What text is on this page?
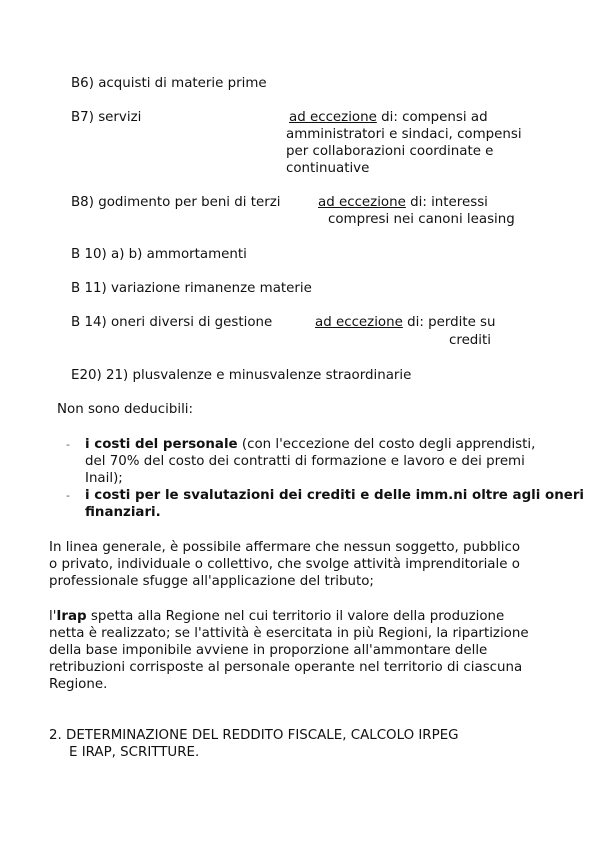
B6) acquisti di materie prime
B7) servizi	ad eccezione di: compensi ad
amministratori e sindaci, compensi
per collaborazioni coordinate e
continuative
B8) godimento per beni di terzi	ad eccezione di: interessi
compresi nei canoni leasing
B 10) a) b) ammortamenti
B 11) variazione rimanenze materie
B 14) oneri diversi di gestione	ad eccezione di: perdite su
crediti
E20) 21) plusvalenze e minusvalenze straordinarie
Non sono deducibili:
- i costi del personale (con l'eccezione del costo degli apprendisti,
del 70% del costo dei contratti di formazione e lavoro e dei premi
Inail);
- i costi per le svalutazioni dei crediti e delle imm.ni oltre agli oneri
finanziari.
In linea generale, è possibile affermare che nessun soggetto, pubblico
o privato, individuale o collettivo, che svolge attività imprenditoriale o
professionale sfugge all'applicazione del tributo;
l'Irap spetta alla Regione nel cui territorio il valore della produzione
netta è realizzato; se l'attività è esercitata in più Regioni, la ripartizione
della base imponibile avviene in proporzione all'ammontare delle
retribuzioni corrisposte al personale operante nel territorio di ciascuna
Regione.
2. DETERMINAZIONE DEL REDDITO FISCALE, CALCOLO IRPEG
E IRAP, SCRITTURE.
